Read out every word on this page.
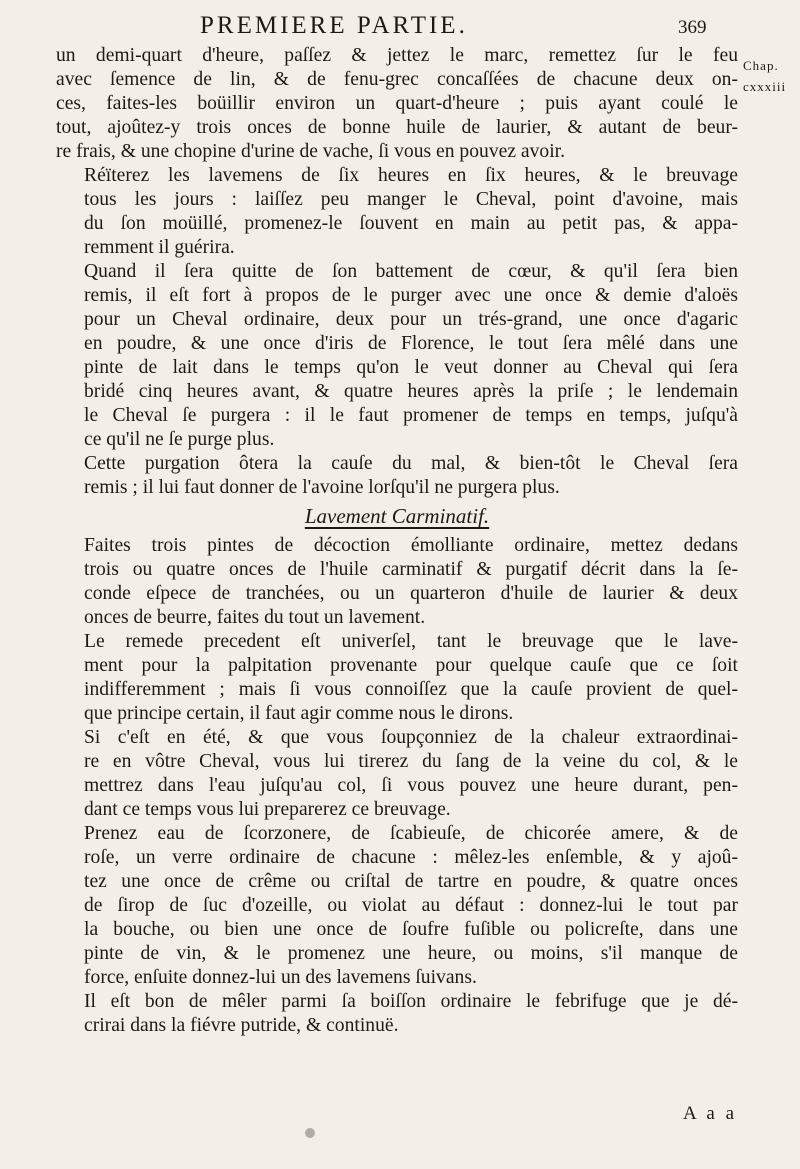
PREMIERE PARTIE.	369
Chap.
cxxxiii

un demi-quart d'heure, paſſez & jettez le marc, remettez ſur le feu
avec ſemence de lin, & de fenu-grec concaſſées de chacune deux on-
ces, faites-les boüillir environ un quart-d'heure ; puis ayant coulé le
tout, ajoûtez-y trois onces de bonne huile de laurier, & autant de beur-
re frais, & une chopine d'urine de vache, ſi vous en pouvez avoir.

Réïterez les lavemens de ſix heures en ſix heures, & le breuvage
tous les jours : laiſſez peu manger le Cheval, point d'avoine, mais
du ſon moüillé, promenez-le ſouvent en main au petit pas, & appa-
remment il guérira.

Quand il ſera quitte de ſon battement de cœur, & qu'il ſera bien
remis, il eſt fort à propos de le purger avec une once & demie d'aloës
pour un Cheval ordinaire, deux pour un trés-grand, une once d'agaric
en poudre, & une once d'iris de Florence, le tout ſera mêlé dans une
pinte de lait dans le temps qu'on le veut donner au Cheval qui ſera
bridé cinq heures avant, & quatre heures après la priſe ; le lendemain
le Cheval ſe purgera : il le faut promener de temps en temps, juſqu'à
ce qu'il ne ſe purge plus.

Cette purgation ôtera la cauſe du mal, & bien-tôt le Cheval ſera
remis ; il lui faut donner de l'avoine lorſqu'il ne purgera plus.

Lavement Carminatif.

Faites trois pintes de décoction émolliante ordinaire, mettez dedans
trois ou quatre onces de l'huile carminatif & purgatif décrit dans la ſe-
conde eſpece de tranchées, ou un quarteron d'huile de laurier & deux
onces de beurre, faites du tout un lavement.

Le remede precedent eſt univerſel, tant le breuvage que le lave-
ment pour la palpitation provenante pour quelque cauſe que ce ſoit
indifferemment ; mais ſi vous connoiſſez que la cauſe provient de quel-
que principe certain, il faut agir comme nous le dirons.

Si c'eſt en été, & que vous ſoupçonniez de la chaleur extraordinai-
re en vôtre Cheval, vous lui tirerez du ſang de la veine du col, & le
mettrez dans l'eau juſqu'au col, ſi vous pouvez une heure durant, pen-
dant ce temps vous lui preparerez ce breuvage.

Prenez eau de ſcorzonere, de ſcabieuſe, de chicorée amere, & de
roſe, un verre ordinaire de chacune : mêlez-les enſemble, & y ajoû-
tez une once de crême ou criſtal de tartre en poudre, & quatre onces
de ſirop de ſuc d'ozeille, ou violat au défaut : donnez-lui le tout par
la bouche, ou bien une once de ſoufre fuſible ou policreſte, dans une
pinte de vin, & le promenez une heure, ou moins, s'il manque de
force, enſuite donnez-lui un des lavemens ſuivans.

Il eſt bon de mêler parmi ſa boiſſon ordinaire le febrifuge que je dé-
crirai dans la fiévre putride, & continuë.

A a a
